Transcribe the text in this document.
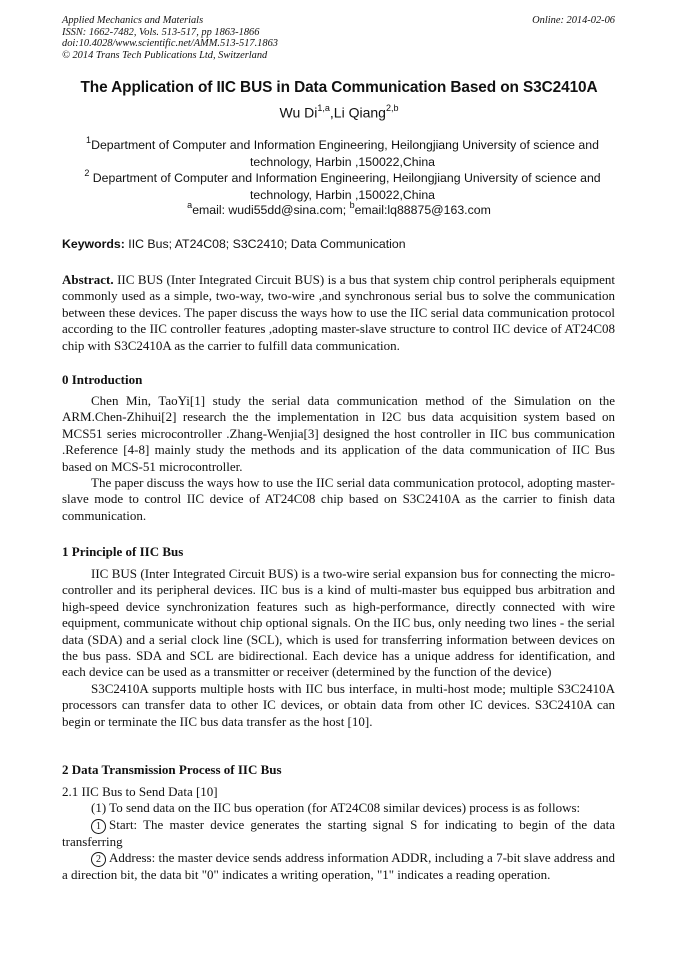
Applied Mechanics and Materials
ISSN: 1662-7482, Vols. 513-517, pp 1863-1866
doi:10.4028/www.scientific.net/AMM.513-517.1863
© 2014 Trans Tech Publications Ltd, Switzerland
Online: 2014-02-06
The Application of IIC BUS in Data Communication Based on S3C2410A
Wu Di$^{1,a}$,Li Qiang$^{2,b}$
$^1$Department of Computer and Information Engineering, Heilongjiang University of science and technology, Harbin ,150022,China
$^2$ Department of Computer and Information Engineering, Heilongjiang University of science and technology, Harbin ,150022,China
$^a$email: wudi55dd@sina.com; $^b$email:lq88875@163.com
Keywords: IIC Bus; AT24C08; S3C2410; Data Communication

Abstract. IIC BUS (Inter Integrated Circuit BUS) is a bus that system chip control peripherals equipment commonly used as a simple, two-way, two-wire ,and synchronous serial bus to solve the communication between these devices. The paper discuss the ways how to use the IIC serial data communication protocol according to the IIC controller features ,adopting master-slave structure to control IIC device of AT24C08 chip with S3C2410A as the carrier to fulfill data communication.

0 Introduction

Chen Min, TaoYi[1] study the serial data communication method of the Simulation on the ARM.Chen-Zhihui[2] research the the implementation in I2C bus data acquisition system based on MCS51 series microcontroller .Zhang-Wenjia[3] designed the host controller in IIC bus communication .Reference [4-8] mainly study the methods and its application of the data communication of IIC Bus based on MCS-51 microcontroller.

The paper discuss the ways how to use the IIC serial data communication protocol, adopting master-slave mode to control IIC device of AT24C08 chip based on S3C2410A as the carrier to finish data communication.

1 Principle of IIC Bus

IIC BUS (Inter Integrated Circuit BUS) is a two-wire serial expansion bus for connecting the micro-controller and its peripheral devices. IIC bus is a kind of multi-master bus equipped bus arbitration and high-speed device synchronization features such as high-performance, directly connected with wire equipment, communicate without chip optional signals. On the IIC bus, only needing two lines - the serial data (SDA) and a serial clock line (SCL), which is used for transferring information between devices on the bus pass. SDA and SCL are bidirectional. Each device has a unique address for identification, and each device can be used as a transmitter or receiver (determined by the function of the device)

S3C2410A supports multiple hosts with IIC bus interface, in multi-host mode; multiple S3C2410A processors can transfer data to other IC devices, or obtain data from other IC devices. S3C2410A can begin or terminate the IIC bus data transfer as the host [10].

2 Data Transmission Process of IIC Bus

2.1 IIC Bus to Send Data [10]

(1) To send data on the IIC bus operation (for AT24C08 similar devices) process is as follows:

1 Start: The master device generates the starting signal S for indicating to begin of the data transferring

2 Address: the master device sends address information ADDR, including a 7-bit slave address and a direction bit, the data bit "0" indicates a writing operation, "1" indicates a reading operation.
